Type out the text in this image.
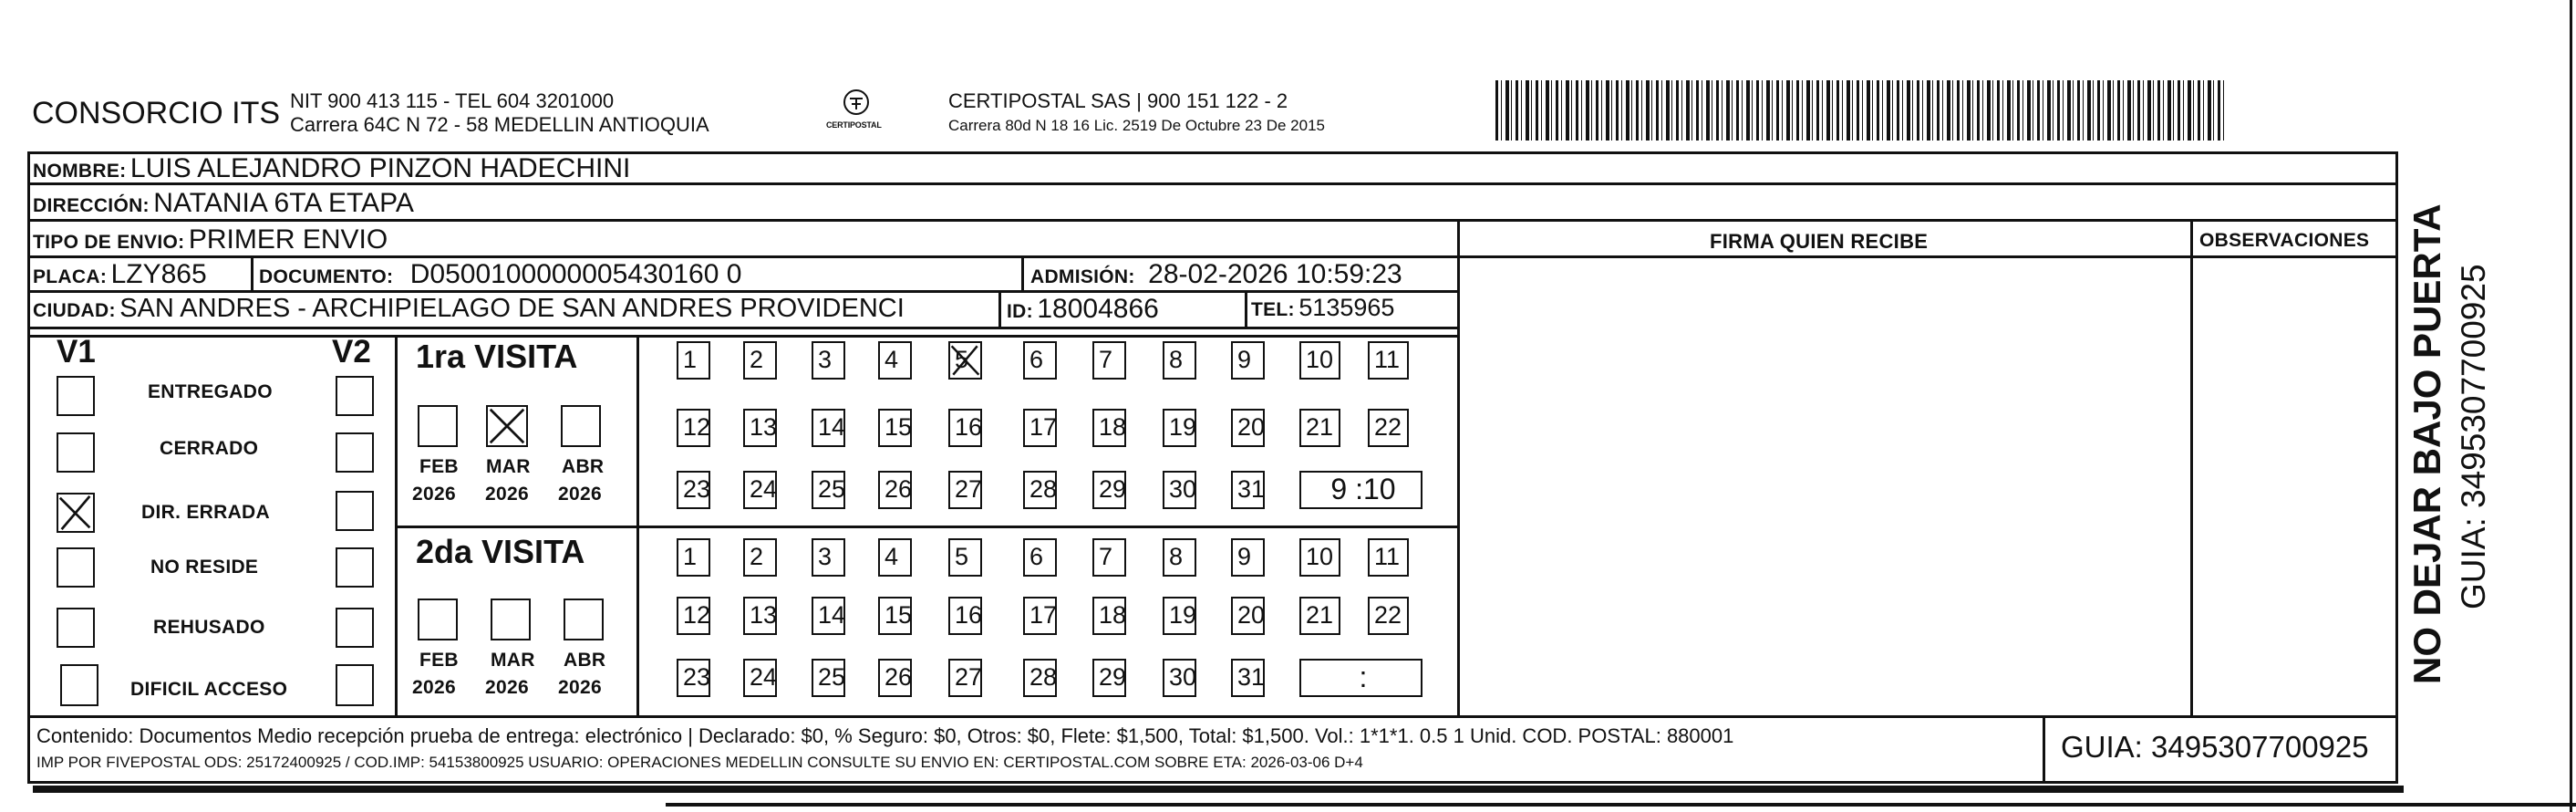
CONSORCIO ITS NIT 900 413 115 - TEL 604 3201000
Carrera 64C N 72 - 58 MEDELLIN ANTIOQUIA	CERTIPOSTAL
CERTIPOSTAL SAS | 900 151 122 - 2
Carrera 80d N 18 16 Lic. 2519 De Octubre 23 De 2015
FIRMA QUIEN RECIBE	OBSERVACIONES
NOMBRE: LUIS ALEJANDRO PINZON HADECHINI
DIRECCIÓN: NATANIA 6TA ETAPA
TIPO DE ENVIO: PRIMER ENVIO
PLACA: LZY865	DOCUMENTO: D0500100000005430160 0	ADMISIÓN: 28-02-2026 10:59:23
CIUDAD: SAN ANDRES - ARCHIPIELAGO DE SAN ANDRES PROVIDENCI	ID: 18004866	TEL: 5135965
V1	V2
ENTREGADO
CERRADO
DIR. ERRADA
NO RESIDE
REHUSADO
DIFICIL ACCESO
1ra VISITA
FEB MAR ABR
2026 2026 2026
1	2	3	4	5	6	7	8	9	10 11
12 13 14 15 16 17 18 19 20 21 22
23 24 25 26 27 28 29 30 31	9 :10
2da VISITA
FEB MAR ABR
2026 2026 2026
1	2	3	4	5	6	7	8	9	10 11
12 13 14 15 16 17 18 19 20 21 22
23 24 25 26 27 28 29 30 31	:
Contenido: Documentos Medio recepción prueba de entrega: electrónico | Declarado: $0, % Seguro: $0, Otros: $0, Flete: $1,500, Total: $1,500. Vol.: 1*1*1. 0.5 1 Unid. COD. POSTAL: 880001
IMP POR FIVEPOSTAL ODS: 25172400925 / COD.IMP: 54153800925 USUARIO: OPERACIONES MEDELLIN CONSULTE SU ENVIO EN: CERTIPOSTAL.COM SOBRE ETA: 2026-03-06 D+4	GUIA: 3495307700925
NO DEJAR BAJO PUERTA GUIA: 3495307700925
